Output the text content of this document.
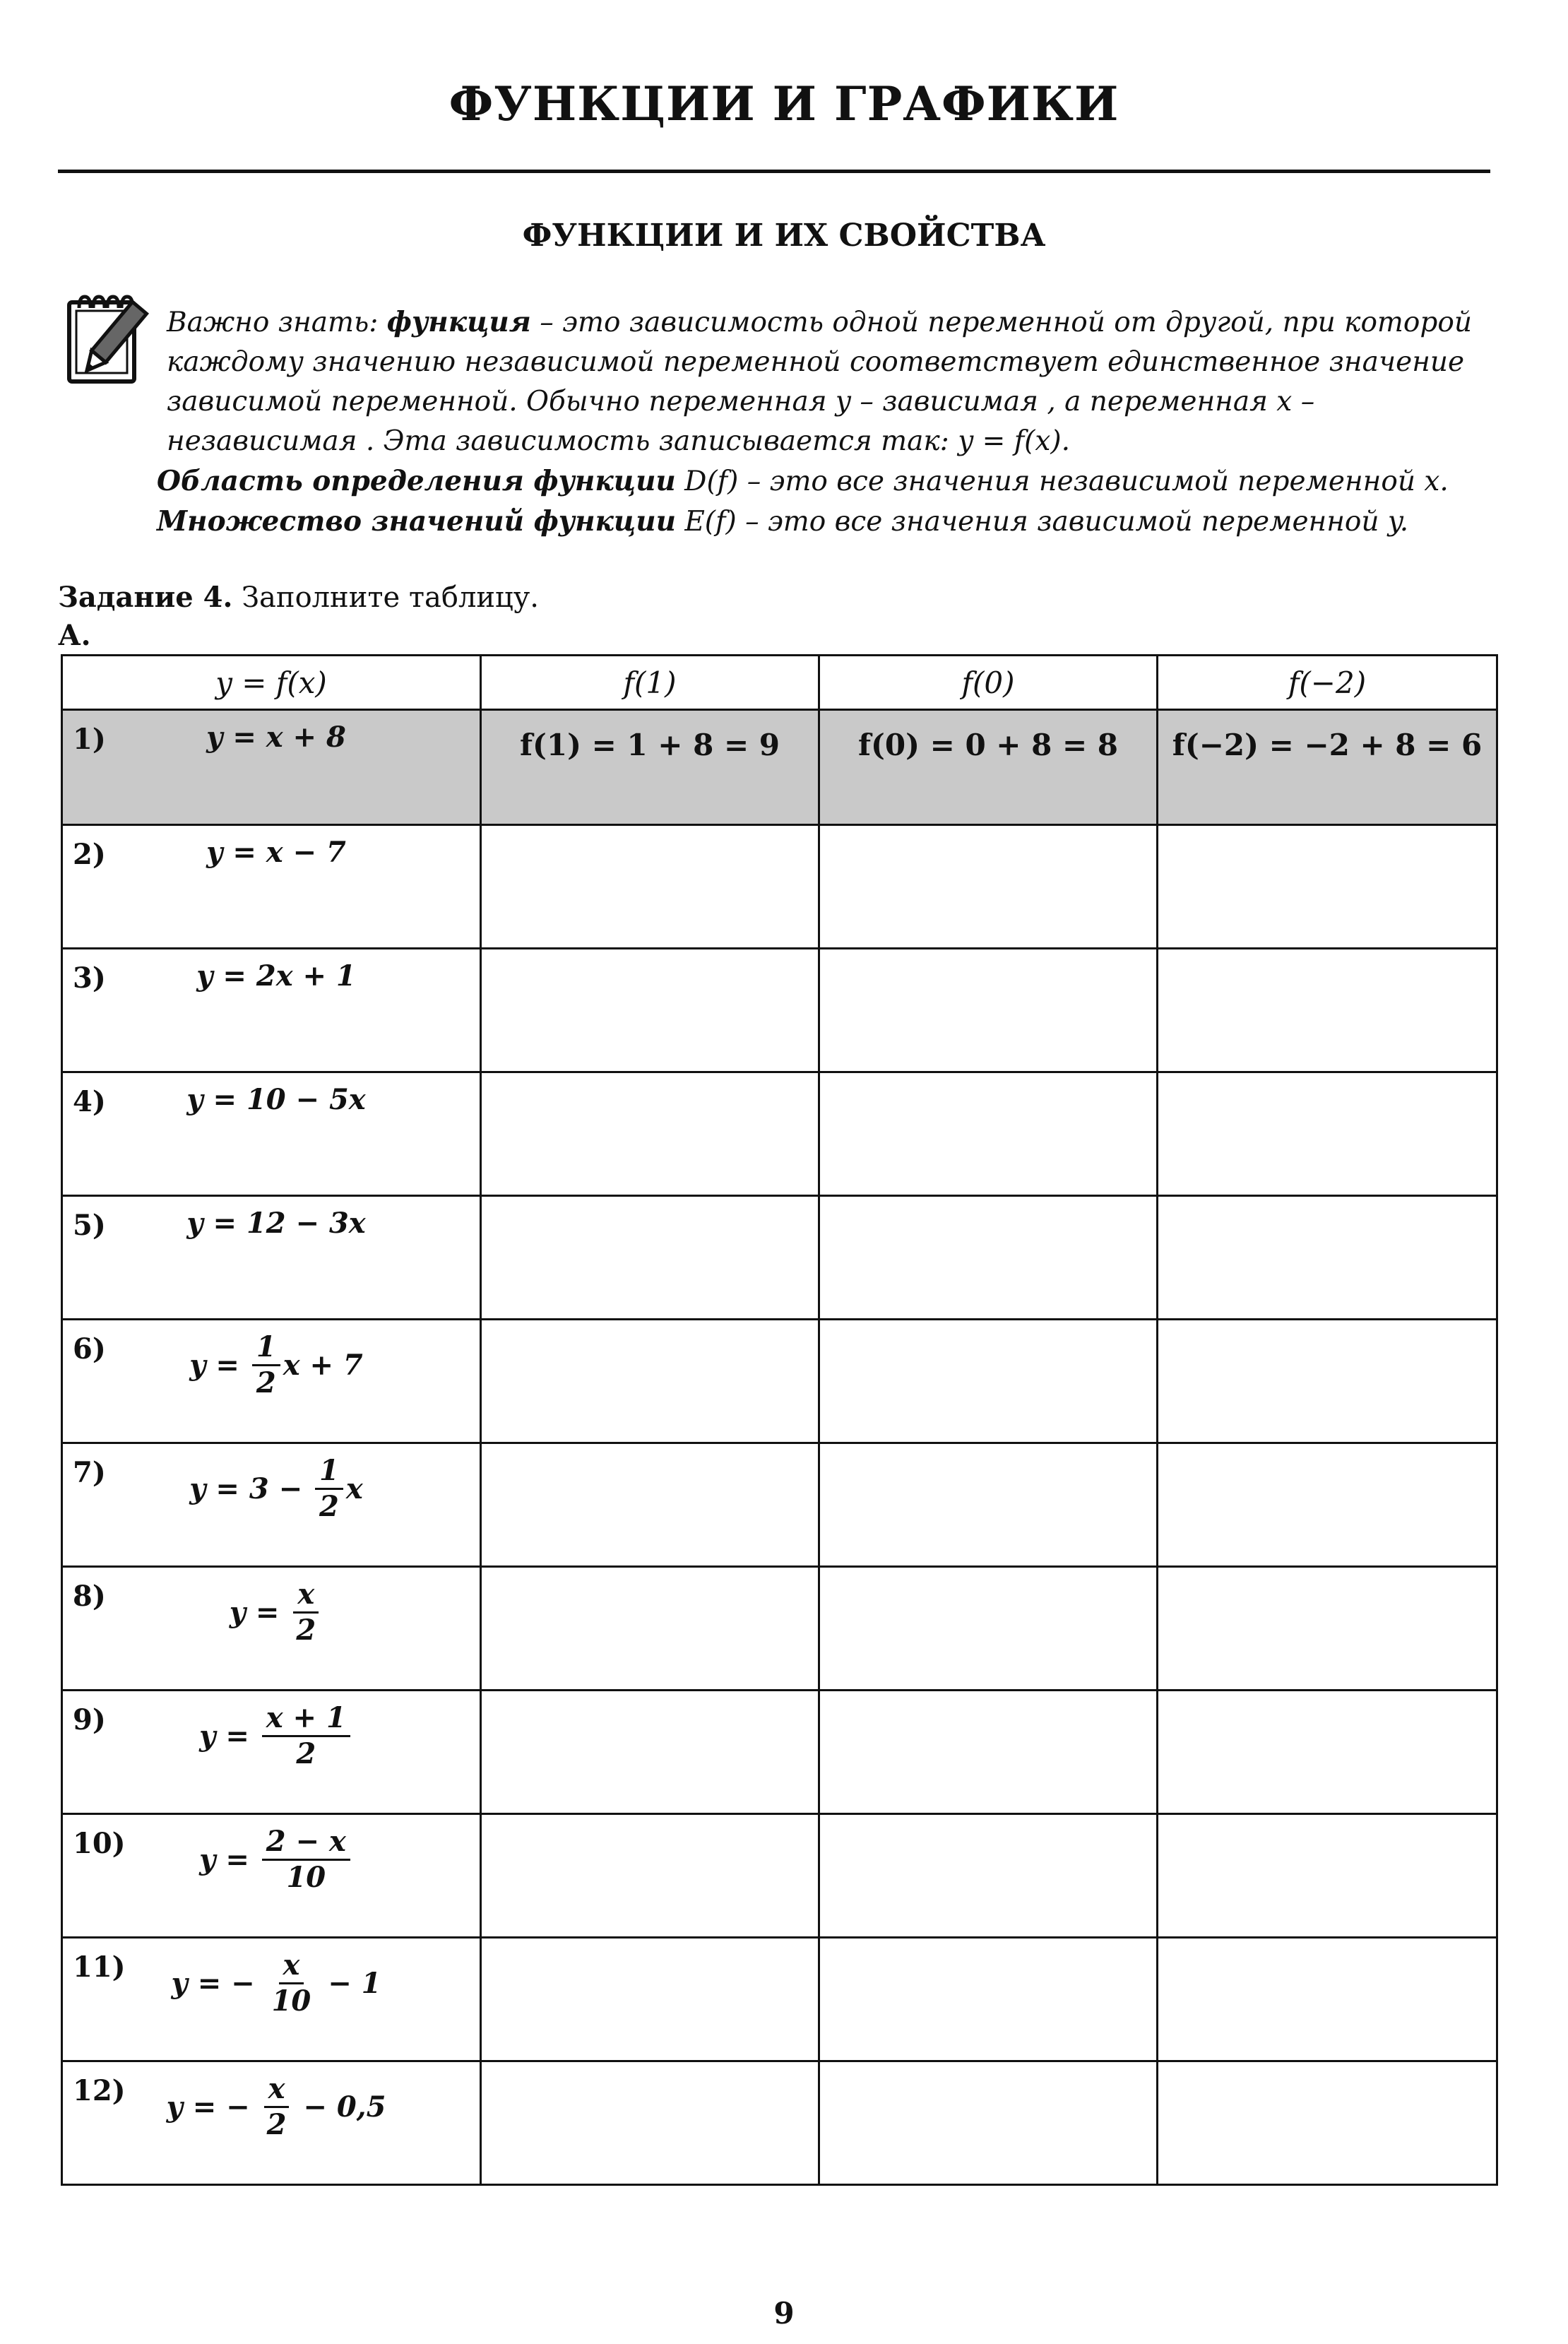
ФУНКЦИИ И ГРАФИКИ
ФУНКЦИИ И ИХ СВОЙСТВА

Важно знать: функция – это зависимость одной переменной от другой, при которой каждому значению независимой переменной соответствует единственное значение зависимой переменной. Обычно переменная y – зависимая , а переменная x – независимая . Эта зависимость записывается так: y = f(x).

Область определения функции D(f) – это все значения независимой переменной x.

Множество значений функции E(f) – это все значения зависимой переменной y.

Задание 4. Заполните таблицу.
А.
y = f(x)	f(1)	f(0)	f(−2)

1) y = x + 8	f(1) = 1 + 8 = 9	f(0) = 0 + 8 = 8	f(−2) = −2 + 8 = 6

2) y = x − 7			

3) y = 2x + 1			

4) y = 10 − 5x			

5) y = 12 − 3x			

6) $y = \frac{1}{2}$ x + 7			

7) $y = 3 - \frac{1}{2}$ x			

8) $y = \frac{x}{2}$

9) $y = \frac{x + 1}{2}$

10) $y = \frac{2 - x}{10}$

11) y = − $\frac{x}{10} - 1$			

12) y = − $\frac{x}{2} - 0,5$			

9
